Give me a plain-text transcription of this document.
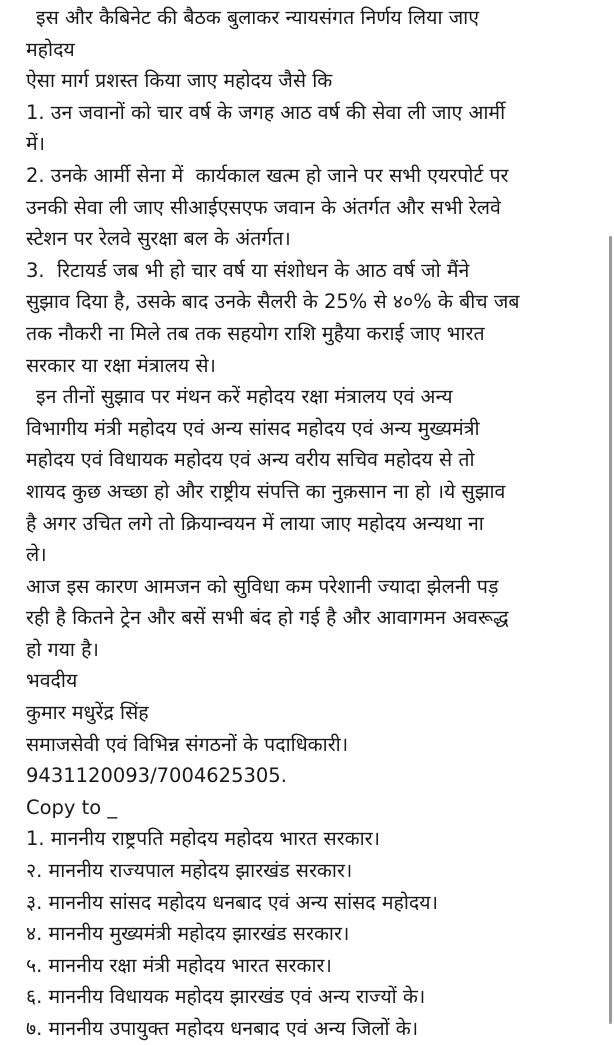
इस और कैबिनेट की बैठक बुलाकर न्यायसंगत निर्णय लिया जाए

महोदय

ऐसा मार्ग प्रशस्त किया जाए महोदय जैसे कि

1. उन जवानों को चार वर्ष के जगह आठ वर्ष की सेवा ली जाए आर्मी

में।

2. उनके आर्मी सेना में  कार्यकाल खत्म हो जाने पर सभी एयरपोर्ट पर

उनकी सेवा ली जाए सीआईएसएफ जवान के अंतर्गत और सभी रेलवे

स्टेशन पर रेलवे सुरक्षा बल के अंतर्गत।

3.  रिटायर्ड जब भी हो चार वर्ष या संशोधन के आठ वर्ष जो मैंने

सुझाव दिया है, उसके बाद उनके सैलरी के 25% से ४०% के बीच जब

तक नौकरी ना मिले तब तक सहयोग राशि मुहैया कराई जाए भारत

सरकार या रक्षा मंत्रालय से।

इन तीनों सुझाव पर मंथन करें महोदय रक्षा मंत्रालय एवं अन्य

विभागीय मंत्री महोदय एवं अन्य सांसद महोदय एवं अन्य मुख्यमंत्री

महोदय एवं विधायक महोदय एवं अन्य वरीय सचिव महोदय से तो

शायद कुछ अच्छा हो और राष्ट्रीय संपत्ति का नुक़सान ना हो ।ये सुझाव

है अगर उचित लगे तो क्रियान्वयन में लाया जाए महोदय अन्यथा ना

ले।

आज इस कारण आमजन को सुविधा कम परेशानी ज्यादा झेलनी पड़

रही है कितने ट्रेन और बसें सभी बंद हो गई है और आवागमन अवरूद्ध

हो गया है।

भवदीय

कुमार मधुरेंद्र सिंह

समाजसेवी एवं विभिन्न संगठनों के पदाधिकारी।

9431120093/7004625305.

Copy to _

1. माननीय राष्ट्रपति महोदय महोदय भारत सरकार।

२. माननीय राज्यपाल महोदय झारखंड सरकार।

३. माननीय सांसद महोदय धनबाद एवं अन्य सांसद महोदय।

४. माननीय मुख्यमंत्री महोदय झारखंड सरकार।

५. माननीय रक्षा मंत्री महोदय भारत सरकार।

६. माननीय विधायक महोदय झारखंड एवं अन्य राज्यों के।

७. माननीय उपायुक्त महोदय धनबाद एवं अन्य जिलों के।
